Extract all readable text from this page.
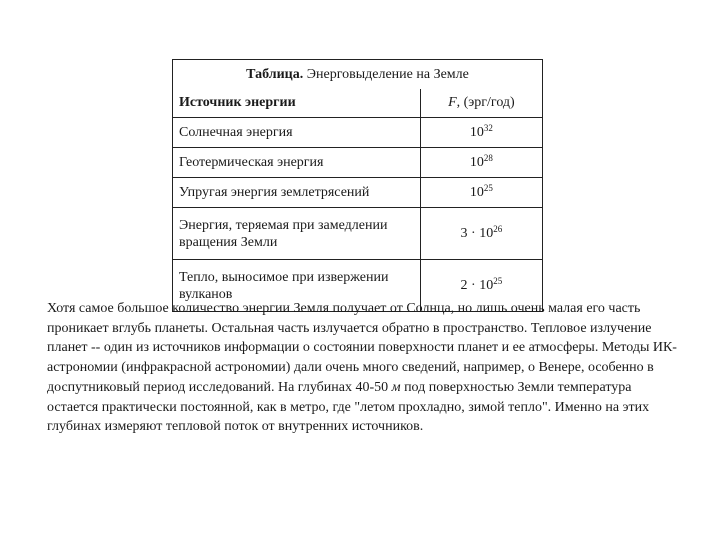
Таблица. Энерговыделение на Земле	
Источник энергии	F, (эрг/год)
Солнечная энергия	$10^{32}$
Геотермическая энергия	$10^{28}$
Упругая энергия землетрясений	$10^{25}$
Энергия, теряемая при замедлении вращения Земли	$3 \cdot 10^{26}$
Тепло, выносимое при извержении вулканов	$2 \cdot 10^{25}$

Хотя самое большое количество энергии Земля получает от Солнца, но лишь очень малая его часть проникает вглубь планеты. Остальная часть излучается обратно в пространство. Тепловое излучение планет -- один из источников информации о состоянии поверхности планет и ее атмосферы. Методы ИК-астрономии (инфракрасной астрономии) дали очень много сведений, например, о Венере, особенно в доспутниковый период исследований. На глубинах 40-50 м под поверхностью Земли температура остается практически постоянной, как в метро, где "летом прохладно, зимой тепло". Именно на этих глубинах измеряют тепловой поток от внутренних источников.
